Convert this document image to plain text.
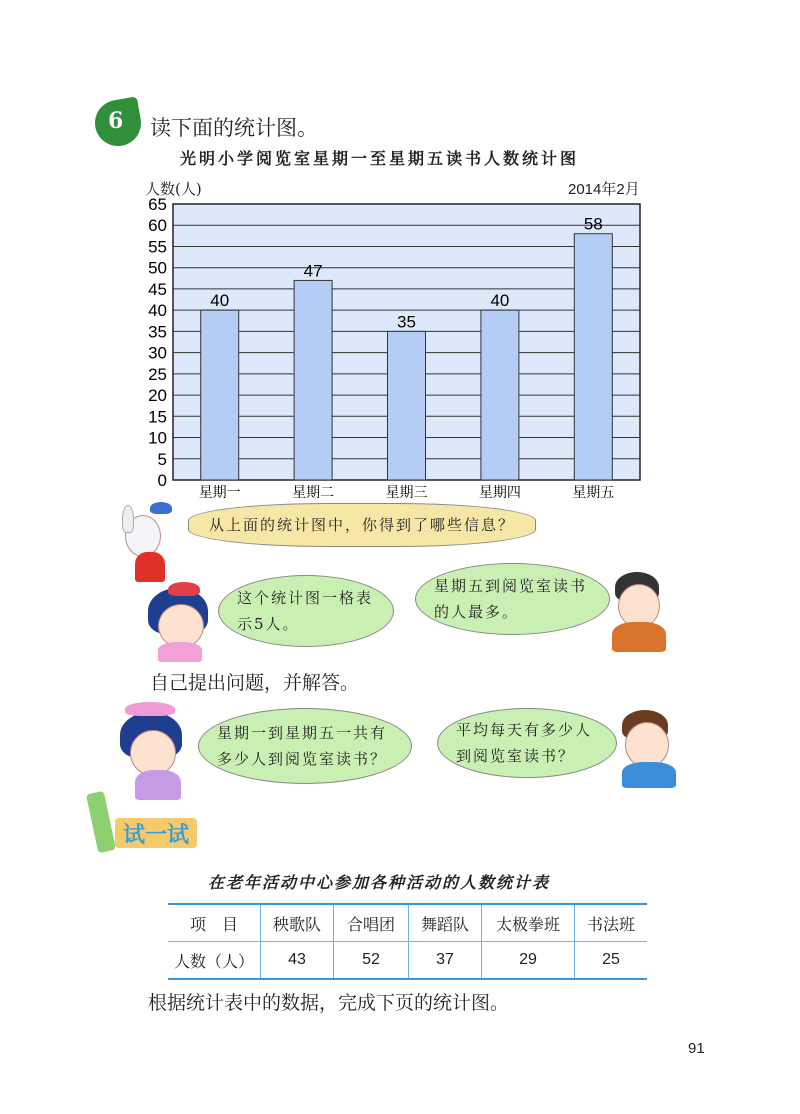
6 读下面的统计图。
光明小学阅览室星期一至星期五读书人数统计图
人数(人)	2014年2月
0
5
10
15
20
25
30
35
40
45
50
55
60
65
40
星期一
47
星期二
35
星期三
40
星期四
58
星期五
从上面的统计图中，你得到了哪些信息？
这个统计图一格表示5人。
星期五到阅览室读书的人最多。
自己提出问题，并解答。
星期一到星期五一共有多少人到阅览室读书？
平均每天有多少人到阅览室读书？
试一试
在老年活动中心参加各种活动的人数统计表
项　目	秧歌队	合唱团	舞蹈队	太极拳班	书法班
人数（人）	43	52	37	29	25
根据统计表中的数据，完成下页的统计图。
91
